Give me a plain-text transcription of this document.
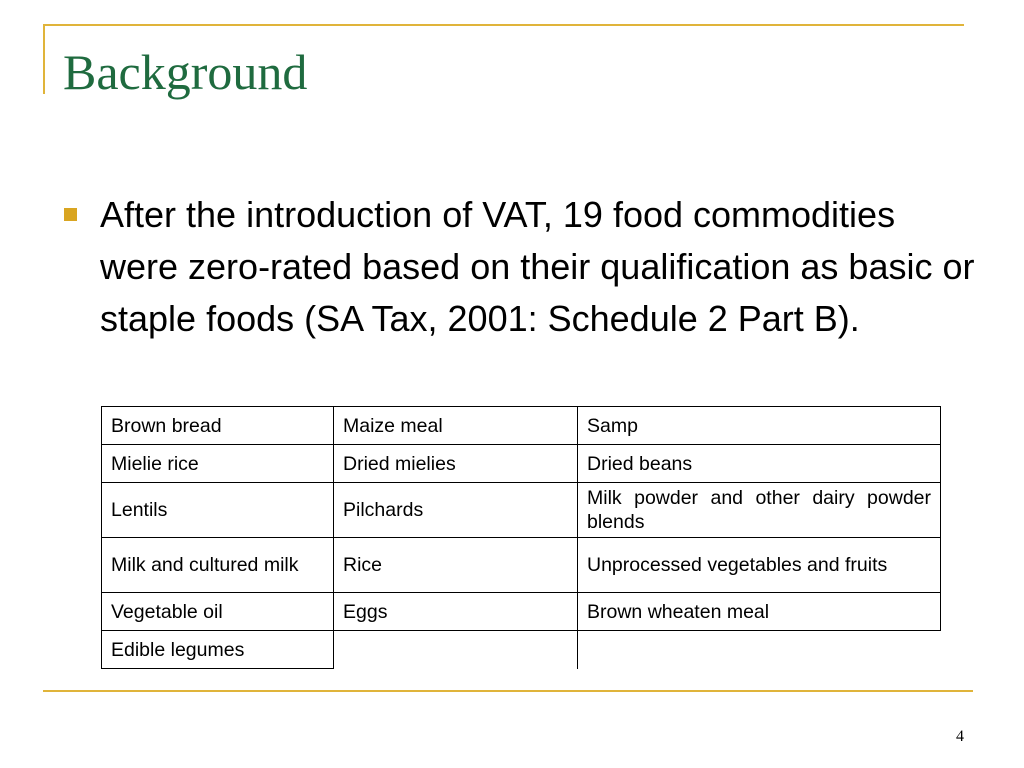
Background

After the introduction of VAT, 19 food commodities were zero-rated based on their qualification as basic or staple foods (SA Tax, 2001: Schedule 2 Part B).

Brown bread	Maize meal	Samp
Mielie rice	Dried mielies	Dried beans
Lentils	Pilchards	Milk powder and other dairy powder blends
Milk and cultured milk	Rice	Unprocessed vegetables and fruits
Vegetable oil	Eggs	Brown wheaten meal
Edible legumes		
4
